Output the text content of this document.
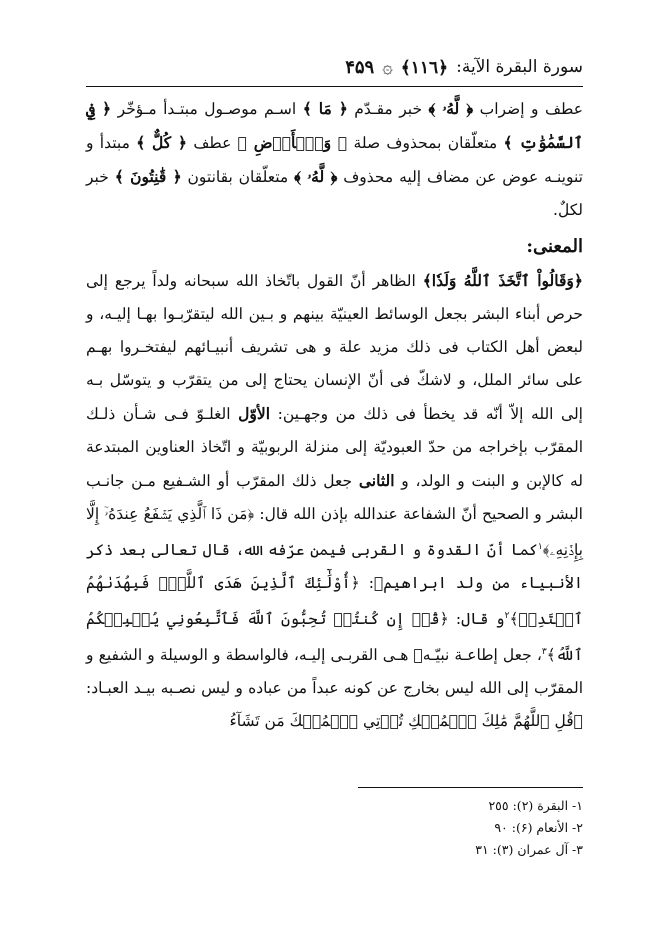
سورة البقرة الآية:
﴿١١٦﴾
۞
۴۵۹
عطف و إضراب ﴿ لَّهُۥ ﴾ خبر مقـدّم ﴿ مَا ﴾ اسـم موصـول مبتـدأ مـؤخّر ﴿ فِي ٱلسَّمَٰوَٰتِ ﴾ متعلّقان بمحذوف صلة ﴿ وَٱلۡأَرۡضِ ﴾ عطف ﴿ كُلٌّ ﴾ مبتدأ و تنوينـه عوض عن مضاف إليه محذوف ﴿ لَّهُۥ ﴾ متعلّقان بقانتون ﴿ قَٰنِتُونَ ﴾ خبر لكلٌ.
المعنى:
﴿وَقَالُواْ ٱتَّخَذَ ٱللَّهُ وَلَدٗا﴾ الظاهر أنّ القول باتّخاذ الله سبحانه ولداً يرجع إلى حرص أبناء البشر بجعل الوسائط العينيّة بينهم و بـين الله ليتقرّبـوا بهـا إليـه، و لبعض أهل الكتاب فى ذلك مزيد علة و هى تشريف أنبيـائهم ليفتخـروا بهـم على سائر الملل، و لاشكّ فى أنّ الإنسان يحتاج إلى من يتقرّب و يتوسّل بـه إلى الله إلاّ أنّه قد يخطأ فى ذلك من وجهـين: الأوّل الغلـوّ فـى شـأن ذلـك المقرّب بإخراجه من حدّ العبوديّة إلى منزلة الربوبيّة و اتّخاذ العناوين المبتدعة له كالإبن و البنت و الولد، و الثانى جعل ذلك المقرّب أو الشـفيع مـن جانـب البشر و الصحيح أنّ الشفاعة عندالله بإذن الله قال: ﴿مَن ذَا ٱلَّذِي يَشۡفَعُ عِندَهُۥٓ إِلَّا بِإِذۡنِهِۦ﴾$^١$كما أنّ القدوة و القربى فيمن عرّفه الله، قال تعالى بعد ذكر الأنبياء من ولد ابراهيمﷺ: ﴿أُوْلَٰٓئِكَ ٱلَّذِينَ هَدَى ٱللَّهُۖ فَبِهُدَىٰهُمُ ٱقۡتَدِهۡ﴾$^٢$و قال: ﴿قُلۡ إِن كُنتُمۡ تُحِبُّونَ ٱللَّهَ فَٱتَّبِعُونِي يُحۡبِبۡكُمُ ٱللَّهُ﴾$^٣$، جعل إطاعـة نبيّـهﷺ هـى القربـى إليـه، فالواسطة و الوسيلة و الشفيع و المقرّب إلى الله ليس بخارج عن كونه عبداً من عباده و ليس نصـبه بيـد العبـاد: ﴿قُلِ ٱللَّهُمَّ مَٰلِكَ ٱلۡمُلۡكِ تُؤۡتِي ٱلۡمُلۡكَ مَن تَشَآءُ
١- البقرة (٢): ٢٥٥
٢- الأنعام (۶): ٩٠
٣- آل عمران (٣): ٣١
